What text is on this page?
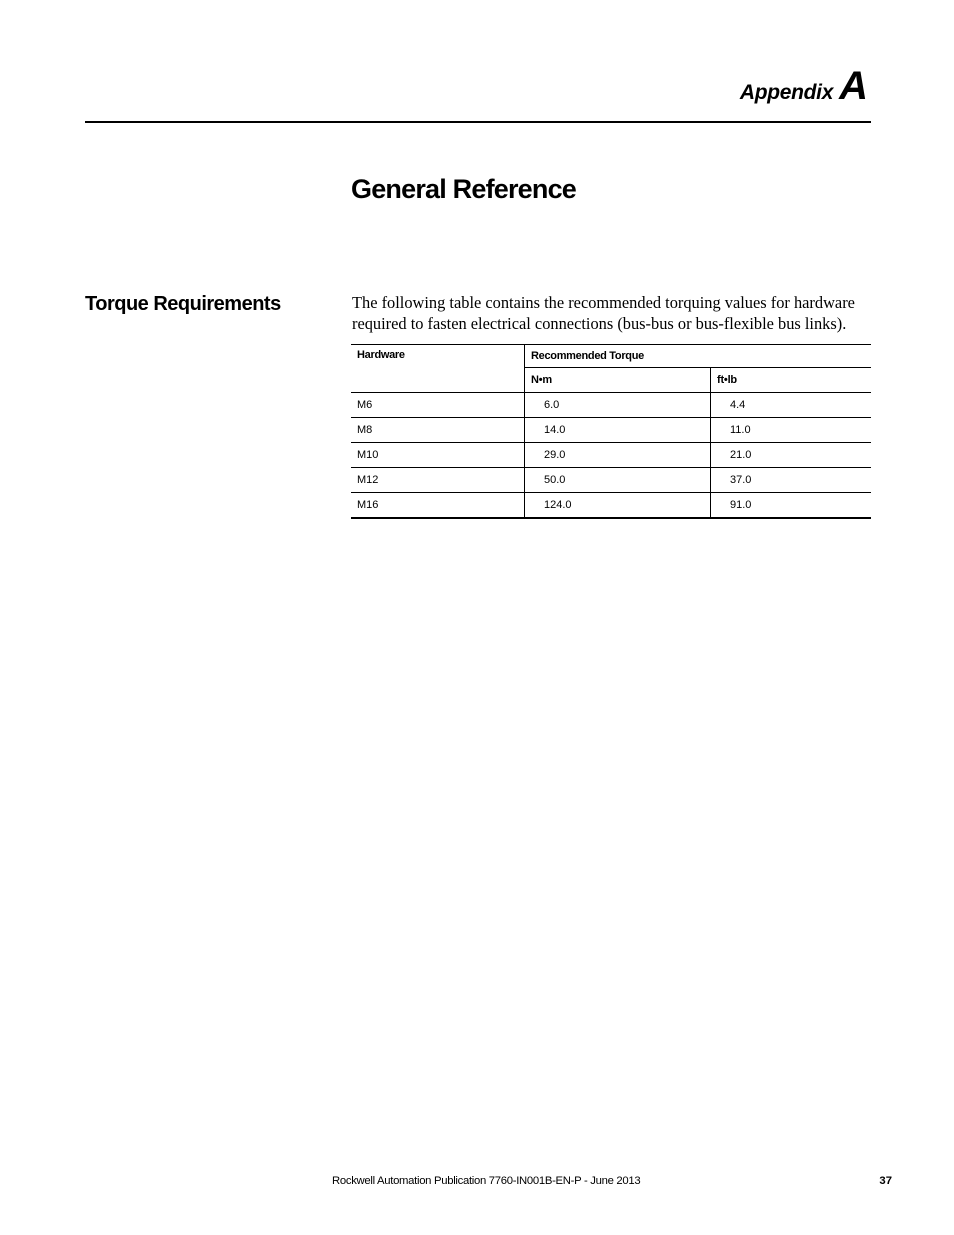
Appendix A
General Reference
Torque Requirements	The following table contains the recommended torquing values for hardware required to fasten electrical connections (bus-bus or bus-flexible bus links).

Hardware	Recommended Torque	
	N•m	ft•lb
M6	6.0	4.4
M8	14.0	11.0
M10	29.0	21.0
M12	50.0	37.0
M16	124.0	91.0
Rockwell Automation Publication 7760-IN001B-EN-P - June 2013	37
